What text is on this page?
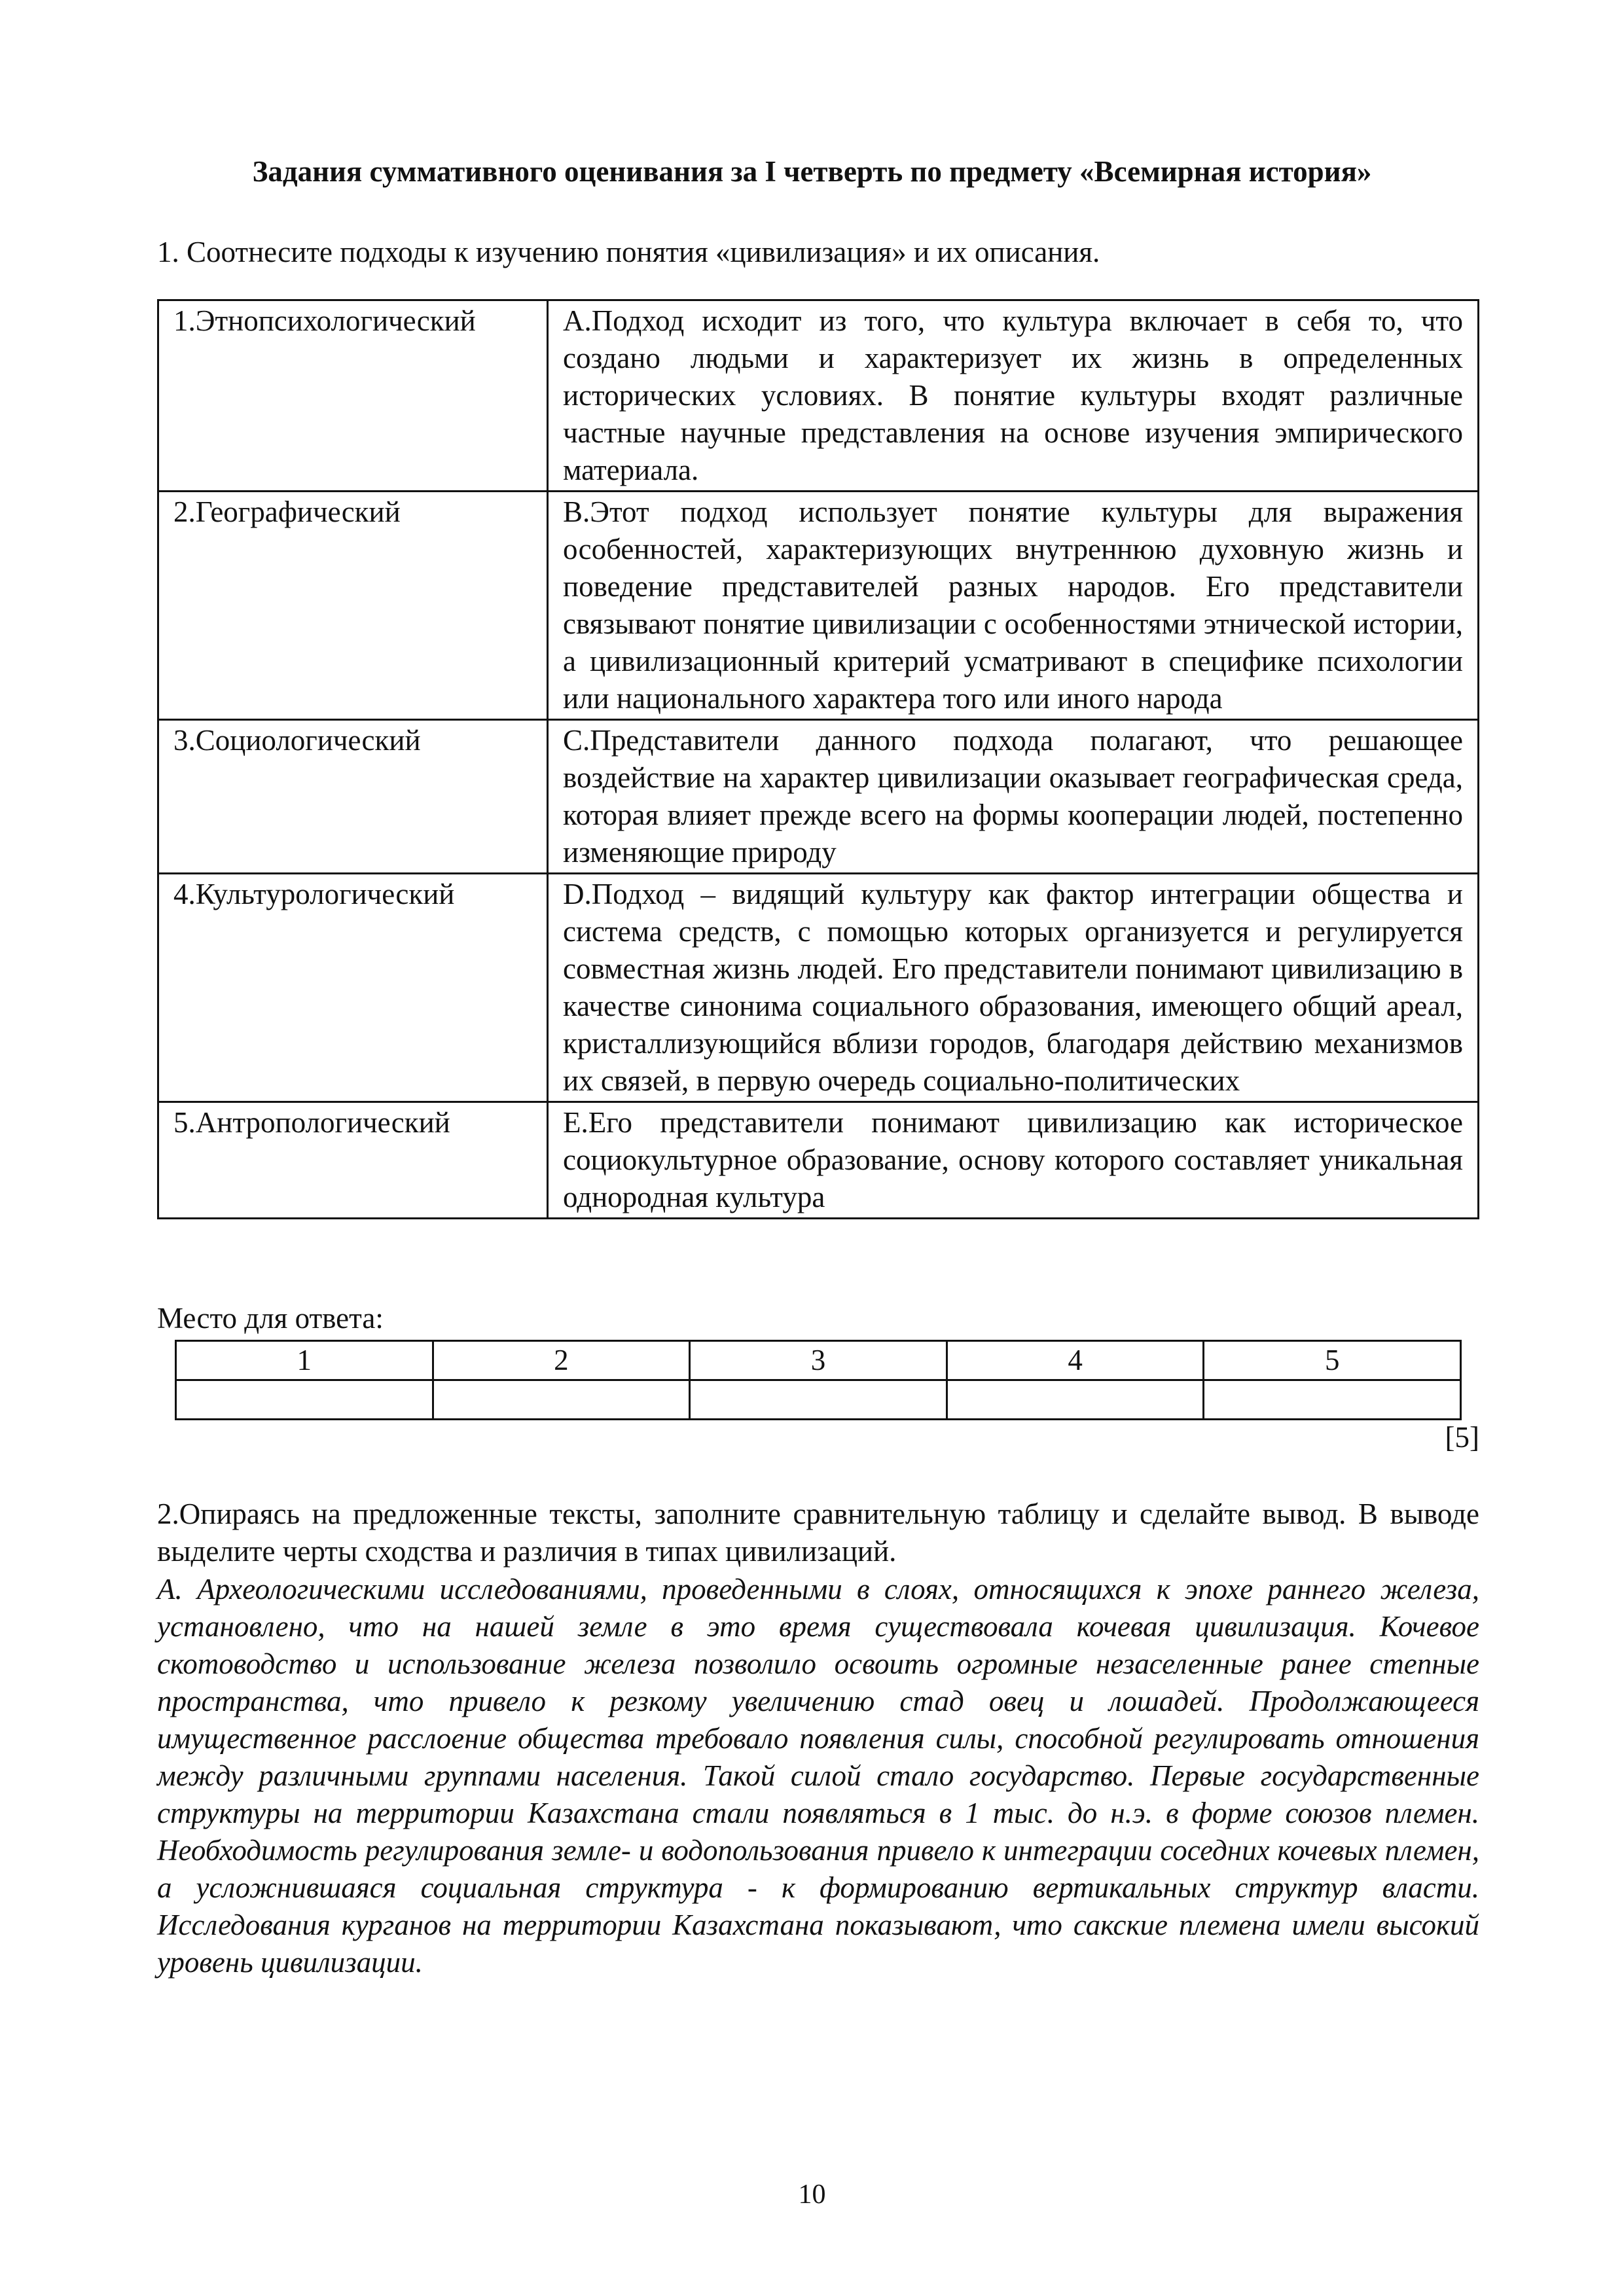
Задания суммативного оценивания за I четверть по предмету «Всемирная история»
1. Соотнесите подходы к изучению понятия «цивилизация» и их описания.
1.Этнопсихологический	A.Подход исходит из того, что культура включает в себя то, что создано людьми и характеризует их жизнь в определенных исторических условиях. В понятие культуры входят различные частные научные представления на основе изучения эмпирического материала.
2.Географический	B.Этот подход использует понятие культуры для выражения особенностей, характеризующих внутреннюю духовную жизнь и поведение представителей разных народов. Его представители связывают понятие цивилизации с особенностями этнической истории, а цивилизационный критерий усматривают в специфике психологии или национального характера того или иного народа
3.Социологический	C.Представители данного подхода полагают, что решающее воздействие на характер цивилизации оказывает географическая среда, которая влияет прежде всего на формы кооперации людей, постепенно изменяющие природу
4.Культурологический	D.Подход – видящий культуру как фактор интеграции общества и система средств, с помощью которых организуется и регулируется совместная жизнь людей. Его представители понимают цивилизацию в качестве синонима социального образования, имеющего общий ареал, кристаллизующийся вблизи городов, благодаря действию механизмов их связей, в первую очередь социально-политических
5.Антропологический	E.Его представители понимают цивилизацию как историческое социокультурное образование, основу которого составляет уникальная однородная культура
Место для ответа:
1	2	3	4	5

[5]
2.Опираясь на предложенные тексты, заполните сравнительную таблицу и сделайте вывод. В выводе выделите черты сходства и различия в типах цивилизаций.
А. Археологическими исследованиями, проведенными в слоях, относящихся к эпохе раннего железа, установлено, что на нашей земле в это время существовала кочевая цивилизация. Кочевое скотоводство и использование железа позволило освоить огромные незаселенные ранее степные пространства, что привело к резкому увеличению стад овец и лошадей. Продолжающееся имущественное расслоение общества требовало появления силы, способной регулировать отношения между различными группами населения. Такой силой стало государство. Первые государственные структуры на территории Казахстана стали появляться в 1 тыс. до н.э. в форме союзов племен. Необходимость регулирования земле- и водопользования привело к интеграции соседних кочевых племен, а усложнившаяся социальная структура - к формированию вертикальных структур власти. Исследования курганов на территории Казахстана показывают, что сакские племена имели высокий уровень цивилизации.
10
